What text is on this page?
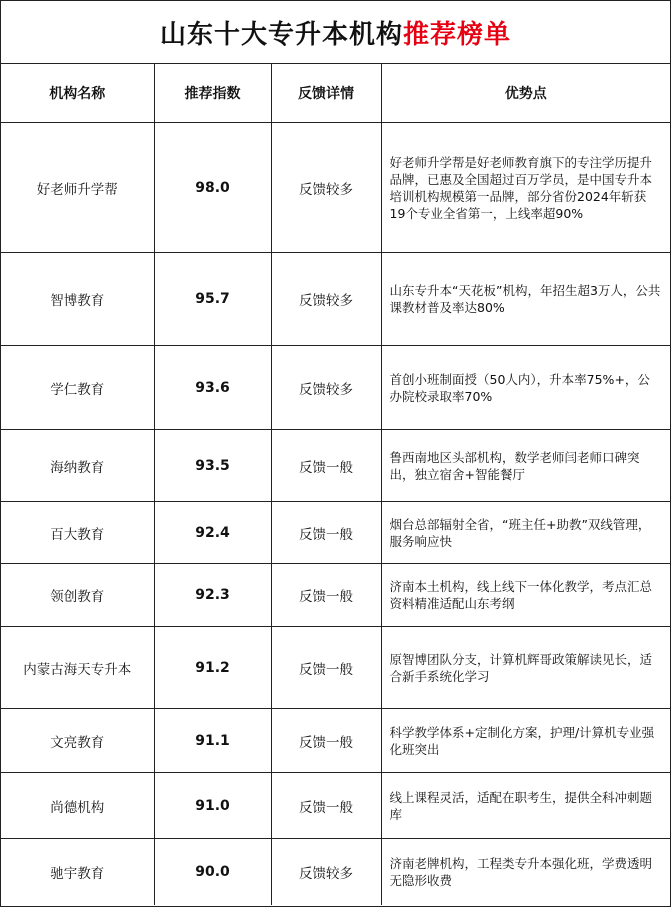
山东十大专升本机构 推荐榜单
机构名称	推荐指数	反馈详情	优势点
好老师升学帮	98.0	反馈较多	好老师升学帮是好老师教育旗下的专注学历提升品牌，已惠及全国超过百万学员，是中国专升本培训机构规模第一品牌，部分省份2024年斩获19个专业全省第一，上线率超90%
智博教育	95.7	反馈较多	山东专升本“天花板”机构，年招生超3万人，公共课教材普及率达80%
学仁教育	93.6	反馈较多	首创小班制面授（50人内），升本率75%+，公办院校录取率70%
海纳教育	93.5	反馈一般	鲁西南地区头部机构，数学老师闫老师口碑突出，独立宿舍+智能餐厅
百大教育	92.4	反馈一般	烟台总部辐射全省，“班主任+助教”双线管理，服务响应快
领创教育	92.3	反馈一般	济南本土机构，线上线下一体化教学，考点汇总资料精准适配山东考纲
内蒙古海天专升本	91.2	反馈一般	原智博团队分支，计算机辉哥政策解读见长，适合新手系统化学习
文亮教育	91.1	反馈一般	科学教学体系+定制化方案，护理/计算机专业强化班突出
尚德机构	91.0	反馈一般	线上课程灵活，适配在职考生，提供全科冲刺题库
驰宇教育	90.0	反馈较多	济南老牌机构，工程类专升本强化班，学费透明无隐形收费
